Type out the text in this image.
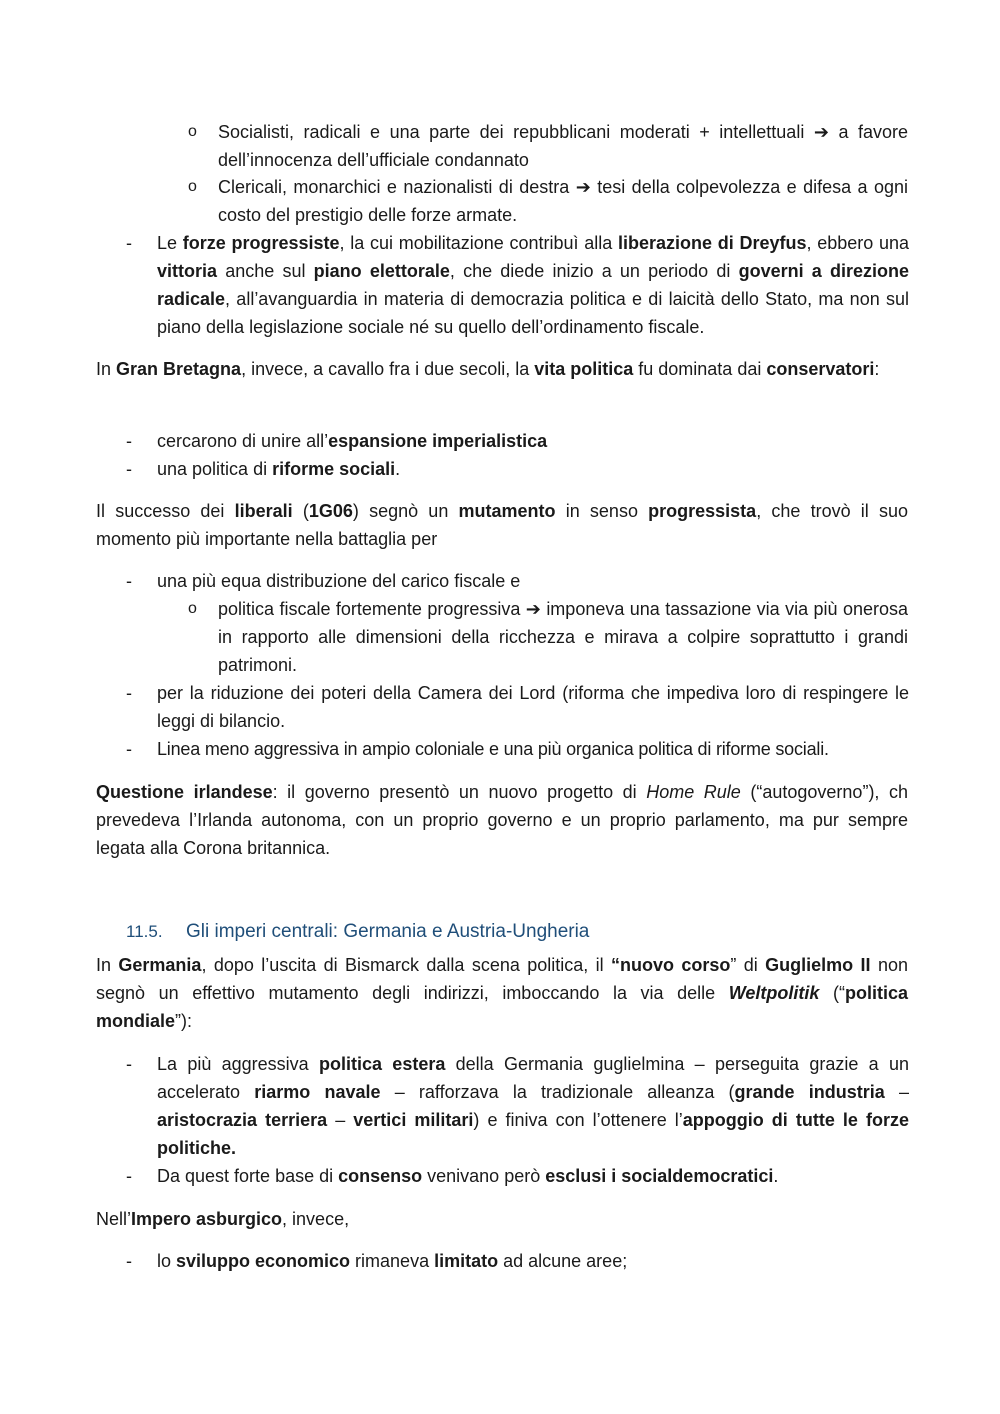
o Socialisti, radicali e una parte dei repubblicani moderati + intellettuali ➔ a favore dell’innocenza dell’ufficiale condannato
o Clericali, monarchici e nazionalisti di destra ➔ tesi della colpevolezza e difesa a ogni costo del prestigio delle forze armate.
- Le forze progressiste, la cui mobilitazione contribuì alla liberazione di Dreyfus, ebbero una vittoria anche sul piano elettorale, che diede inizio a un periodo di governi a direzione radicale, all’avanguardia in materia di democrazia politica e di laicità dello Stato, ma non sul piano della legislazione sociale né su quello dell’ordinamento fiscale.
In Gran Bretagna, invece, a cavallo fra i due secoli, la vita politica fu dominata dai conservatori:
- cercarono di unire all’espansione imperialistica
- una politica di riforme sociali.
Il successo dei liberali (1G06) segnò un mutamento in senso progressista, che trovò il suo momento più importante nella battaglia per
- una più equa distribuzione del carico fiscale e
o politica fiscale fortemente progressiva ➔ imponeva una tassazione via via più onerosa in rapporto alle dimensioni della ricchezza e mirava a colpire soprattutto i grandi patrimoni.
- per la riduzione dei poteri della Camera dei Lord (riforma che impediva loro di respingere le leggi di bilancio.
- Linea meno aggressiva in ampio coloniale e una più organica politica di riforme sociali.
Questione irlandese: il governo presentò un nuovo progetto di Home Rule (“autogoverno”), ch prevedeva l’Irlanda autonoma, con un proprio governo e un proprio parlamento, ma pur sempre legata alla Corona britannica.
11.5. Gli imperi centrali: Germania e Austria-Ungheria
In Germania, dopo l’uscita di Bismarck dalla scena politica, il “nuovo corso” di Guglielmo II non segnò un effettivo mutamento degli indirizzi, imboccando la via delle Weltpolitik (“politica mondiale”):
- La più aggressiva politica estera della Germania guglielmina – perseguita grazie a un accelerato riarmo navale – rafforzava la tradizionale alleanza (grande industria – aristocrazia terriera – vertici militari) e finiva con l’ottenere l’appoggio di tutte le forze politiche.
- Da quest forte base di consenso venivano però esclusi i socialdemocratici.
Nell’Impero asburgico, invece,
- lo sviluppo economico rimaneva limitato ad alcune aree;
